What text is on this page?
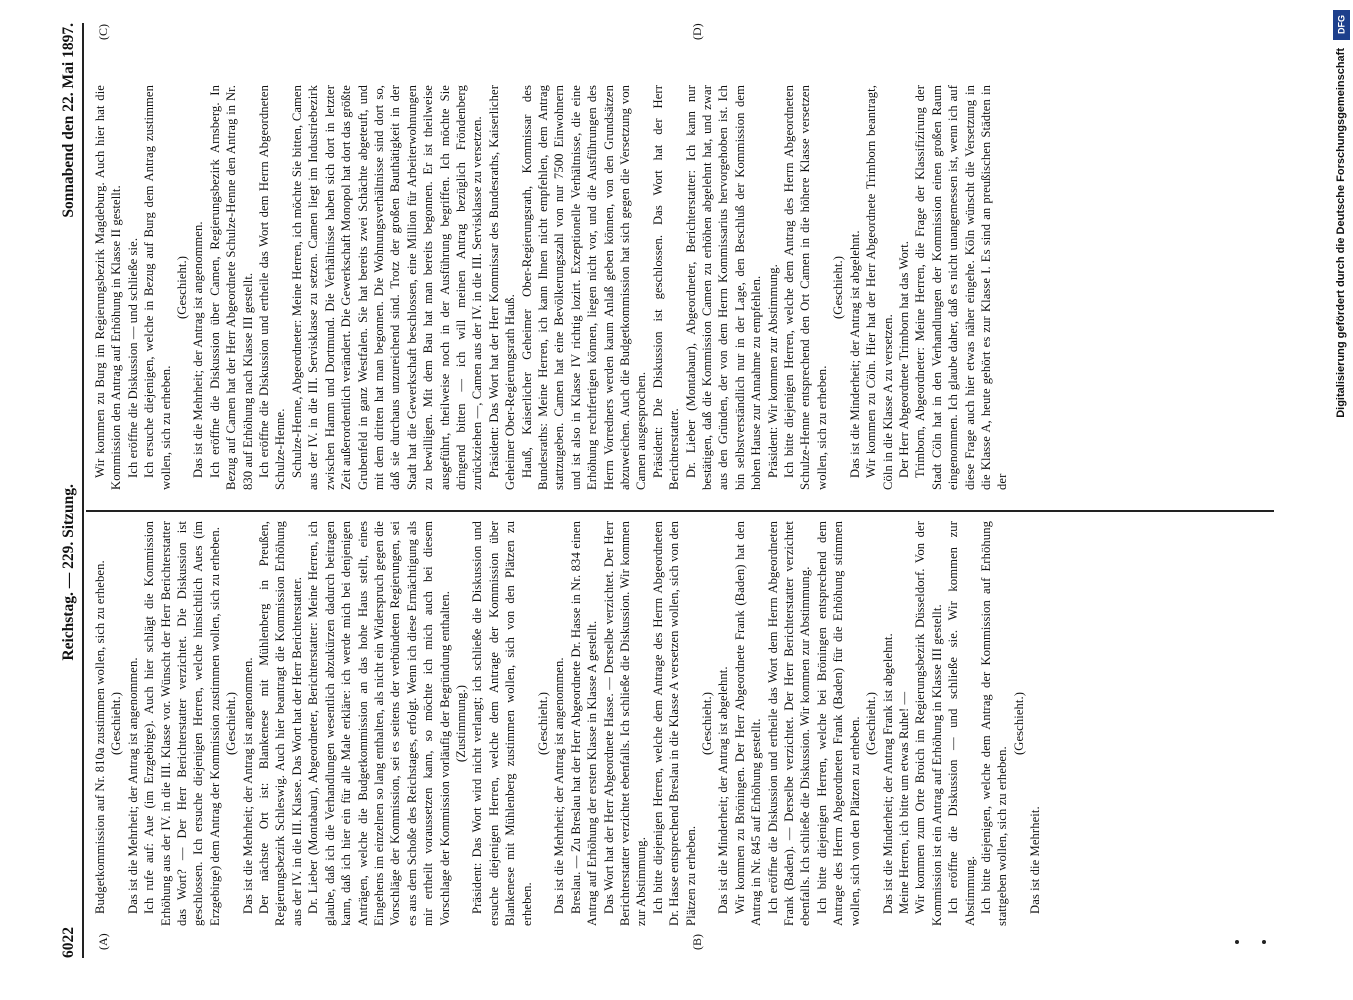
6022
Reichstag. — 229. Sitzung.
Sonnabend den 22. Mai 1897.
(A)	(B)
(C)	(D)

Budgetkommission auf Nr. 810a zustimmen wollen, sich zu erheben. (Geschieht.) Das ist die Mehrheit; der Antrag ist angenommen. Ich rufe auf: Aue (im Erzgebirge). Auch hier schlägt die Kommission Erhöhung aus der IV. in die III. Klasse vor. Wünscht der Herr Berichterstatter das Wort? — Der Herr Berichterstatter verzichtet. Die Diskussion ist geschlossen. Ich ersuche diejenigen Herren, welche hinsichtlich Aues (im Erzgebirge) dem Antrag der Kommission zustimmen wollen, sich zu erheben. (Geschieht.) Das ist die Mehrheit; der Antrag ist angenommen. Der nächste Ort ist: Blankenese mit Mühlenberg in Preußen, Regierungsbezirk Schleswig. Auch hier beantragt die Kommission Erhöhung aus der IV. in die III. Klasse. Das Wort hat der Herr Berichterstatter. Dr. Lieber (Montabaur), Abgeordneter, Berichterstatter: Meine Herren, ich glaube, daß ich die Verhandlungen wesentlich abzukürzen dadurch beitragen kann, daß ich hier ein für alle Male erkläre: ich werde mich bei denjenigen Anträgen, welche die Budgetkommission an das hohe Haus stellt, eines Eingehens im einzelnen so lang enthalten, als nicht ein Widerspruch gegen die Vorschläge der Kommission, sei es seitens der verbündeten Regierungen, sei es aus dem Schoße des Reichstages, erfolgt. Wenn ich diese Ermächtigung als mir ertheilt voraussetzen kann, so möchte ich mich auch bei diesem Vorschlage der Kommission vorläufig der Begründung enthalten. (Zustimmung.) Präsident: Das Wort wird nicht verlangt; ich schließe die Diskussion und ersuche diejenigen Herren, welche dem Antrage der Kommission über Blankenese mit Mühlenberg zustimmen wollen, sich von den Plätzen zu erheben.

(Geschieht.) Das ist die Mehrheit; der Antrag ist angenommen. Breslau. — Zu Breslau hat der Herr Abgeordnete Dr. Hasse in Nr. 834 einen Antrag auf Erhöhung der ersten Klasse in Klasse A gestellt. Das Wort hat der Herr Abgeordnete Hasse. — Derselbe verzichtet. Der Herr Berichterstatter verzichtet ebenfalls. Ich schließe die Diskussion. Wir kommen zur Abstimmung. Ich bitte diejenigen Herren, welche dem Antrage des Herrn Abgeordneten Dr. Hasse entsprechend Breslau in die Klasse A versetzen wollen, sich von den Plätzen zu erheben.

(Geschieht.) Das ist die Minderheit; der Antrag ist abgelehnt. Wir kommen zu Bröningen. Der Herr Abgeordnete Frank (Baden) hat den Antrag in Nr. 845 auf Erhöhung gestellt. Ich eröffne die Diskussion und ertheile das Wort dem Herrn Abgeordneten Frank (Baden). — Derselbe verzichtet. Der Herr Berichterstatter verzichtet ebenfalls. Ich schließe die Diskussion. Wir kommen zur Abstimmung. Ich bitte diejenigen Herren, welche bei Bröningen entsprechend dem Antrage des Herrn Abgeordneten Frank (Baden) für die Erhöhung stimmen wollen, sich von den Plätzen zu erheben. (Geschieht.) Das ist die Minderheit; der Antrag Frank ist abgelehnt. Meine Herren, ich bitte um etwas Ruhe! — Wir kommen zum Orte Broich im Regierungsbezirk Düsseldorf. Von der Kommission ist ein Antrag auf Erhöhung in Klasse III gestellt. Ich eröffne die Diskussion — und schließe sie. Wir kommen zur Abstimmung. Ich bitte diejenigen, welche dem Antrag der Kommission auf Erhöhung stattgeben wollen, sich zu erheben.

(Geschieht.)

Das ist die Mehrheit.

Wir kommen zu Burg im Regierungsbezirk Magdeburg. Auch hier hat die Kommission den Antrag auf Erhöhung in Klasse II gestellt. Ich eröffne die Diskussion — und schließe sie. Ich ersuche diejenigen, welche in Bezug auf Burg dem Antrag zustimmen wollen, sich zu erheben.

(Geschieht.) Das ist die Mehrheit; der Antrag ist angenommen. Ich eröffne die Diskussion über Camen, Regierungsbezirk Arnsberg. In Bezug auf Camen hat der Herr Abgeordnete Schulze-Henne den Antrag in Nr. 830 auf Erhöhung nach Klasse III gestellt. Ich eröffne die Diskussion und ertheile das Wort dem Herrn Abgeordneten Schulze-Henne. Schulze-Henne, Abgeordneter: Meine Herren, ich möchte Sie bitten, Camen aus der IV. in die III. Servisklasse zu setzen. Camen liegt im Industriebezirk zwischen Hamm und Dortmund. Die Verhältnisse haben sich dort in letzter Zeit außerordentlich verändert. Die Gewerkschaft Monopol hat dort das größte Grubenfeld in ganz Westfalen. Sie hat bereits zwei Schächte abgeteuft, und mit dem dritten hat man begonnen. Die Wohnungsverhältnisse sind dort so, daß sie durchaus unzureichend sind. Trotz der großen Bauthätigkeit in der Stadt hat die Gewerkschaft beschlossen, eine Million für Arbeiterwohnungen zu bewilligen. Mit dem Bau hat man bereits begonnen. Er ist theilweise ausgeführt, theilweise noch in der Ausführung begriffen. Ich möchte Sie dringend bitten — ich will meinen Antrag bezüglich Fröndenberg zurückziehen —, Camen aus der IV. in die III. Servisklasse zu versetzen. Präsident: Das Wort hat der Herr Kommissar des Bundesraths, Kaiserlicher Geheimer Ober-Regierungsrath Hauß. Hauß, Kaiserlicher Geheimer Ober-Regierungsrath, Kommissar des Bundesraths: Meine Herren, ich kann Ihnen nicht empfehlen, dem Antrag stattzugeben. Camen hat eine Bevölkerungszahl von nur 7500 Einwohnern und ist also in Klasse IV richtig lozirt. Exzeptionelle Verhältnisse, die eine Erhöhung rechtfertigen können, liegen nicht vor, und die Ausführungen des Herrn Vorredners werden kaum Anlaß geben können, von den Grundsätzen abzuweichen. Auch die Budgetkommission hat sich gegen die Versetzung von Camen ausgesprochen. Präsident: Die Diskussion ist geschlossen. Das Wort hat der Herr Berichterstatter. Dr. Lieber (Montabaur), Abgeordneter, Berichterstatter: Ich kann nur bestätigen, daß die Kommission Camen zu erhöhen abgelehnt hat, und zwar aus den Gründen, der von dem Herrn Kommissarius hervorgehoben ist. Ich bin selbstverständlich nur in der Lage, den Beschluß der Kommission dem hohen Hause zur Annahme zu empfehlen. Präsident: Wir kommen zur Abstimmung. Ich bitte diejenigen Herren, welche dem Antrag des Herrn Abgeordneten Schulze-Henne entsprechend den Ort Camen in die höhere Klasse versetzen wollen, sich zu erheben.

(Geschieht.) Das ist die Minderheit; der Antrag ist abgelehnt. Wir kommen zu Cöln. Hier hat der Herr Abgeordnete Trimborn beantragt, Cöln in die Klasse A zu versetzen. Der Herr Abgeordnete Trimborn hat das Wort. Trimborn, Abgeordneter: Meine Herren, die Frage der Klassifizirung der Stadt Cöln hat in den Verhandlungen der Kommission einen großen Raum eingenommen. Ich glaube daher, daß es nicht unangemessen ist, wenn ich auf diese Frage auch hier etwas näher eingehe. Köln wünscht die Versetzung in die Klasse A, heute gehört es zur Klasse I. Es sind an preußischen Städten in der

DFG
Digitalisierung gefördert durch die Deutsche Forschungsgemeinschaft
